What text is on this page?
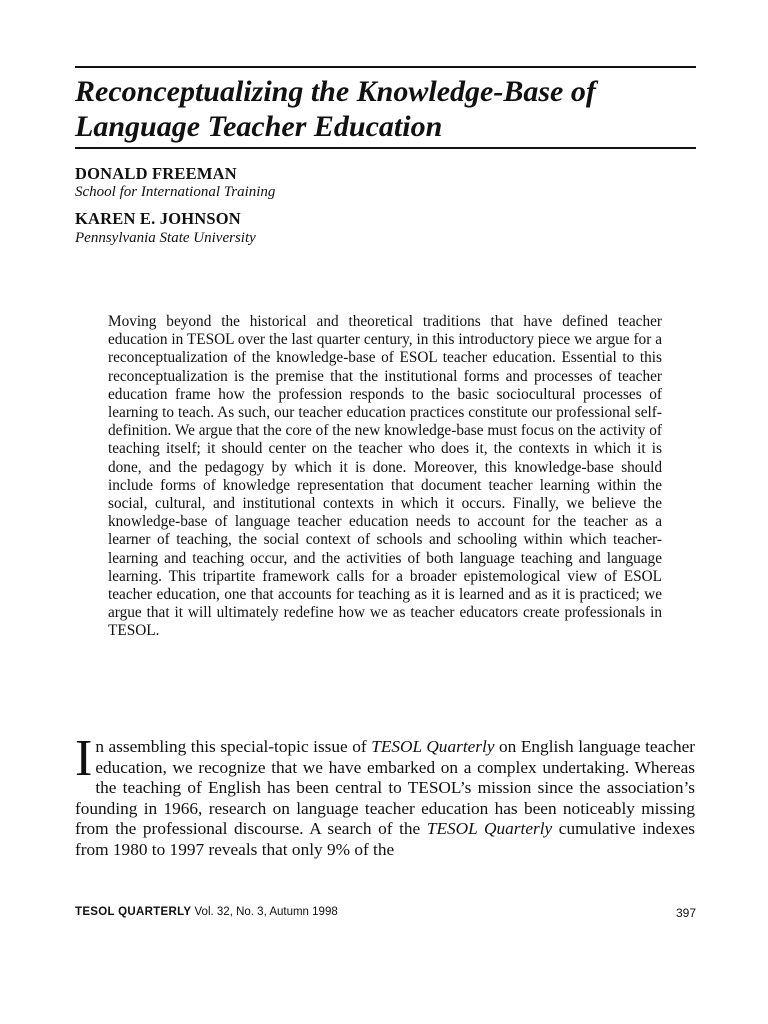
Reconceptualizing the Knowledge-Base of
Language Teacher Education

DONALD FREEMAN

School for International Training

KAREN E. JOHNSON

Pennsylvania State University

Moving beyond the historical and theoretical traditions that have defined teacher education in TESOL over the last quarter century, in this introductory piece we argue for a reconceptualization of the knowledge-base of ESOL teacher education. Essential to this reconceptualization is the premise that the institutional forms and processes of teacher education frame how the profession responds to the basic sociocultural processes of learning to teach. As such, our teacher education practices constitute our professional self-definition. We argue that the core of the new knowledge-base must focus on the activity of teaching itself; it should center on the teacher who does it, the contexts in which it is done, and the pedagogy by which it is done. Moreover, this knowledge-base should include forms of knowledge representation that document teacher learning within the social, cultural, and institutional contexts in which it occurs. Finally, we believe the knowledge-base of language teacher education needs to account for the teacher as a learner of teaching, the social context of schools and schooling within which teacher-learning and teaching occur, and the activities of both language teaching and language learning. This tripartite framework calls for a broader epistemological view of ESOL teacher education, one that accounts for teaching as it is learned and as it is practiced; we argue that it will ultimately redefine how we as teacher educators create professionals in TESOL.

In assembling this special-topic issue of TESOL Quarterly on English language teacher education, we recognize that we have embarked on a complex undertaking. Whereas the teaching of English has been central to TESOL’s mission since the association’s founding in 1966, research on language teacher education has been noticeably missing from the professional discourse. A search of the TESOL Quarterly cumulative indexes from 1980 to 1997 reveals that only 9% of the

TESOL QUARTERLY Vol. 32, No. 3, Autumn 1998	397
